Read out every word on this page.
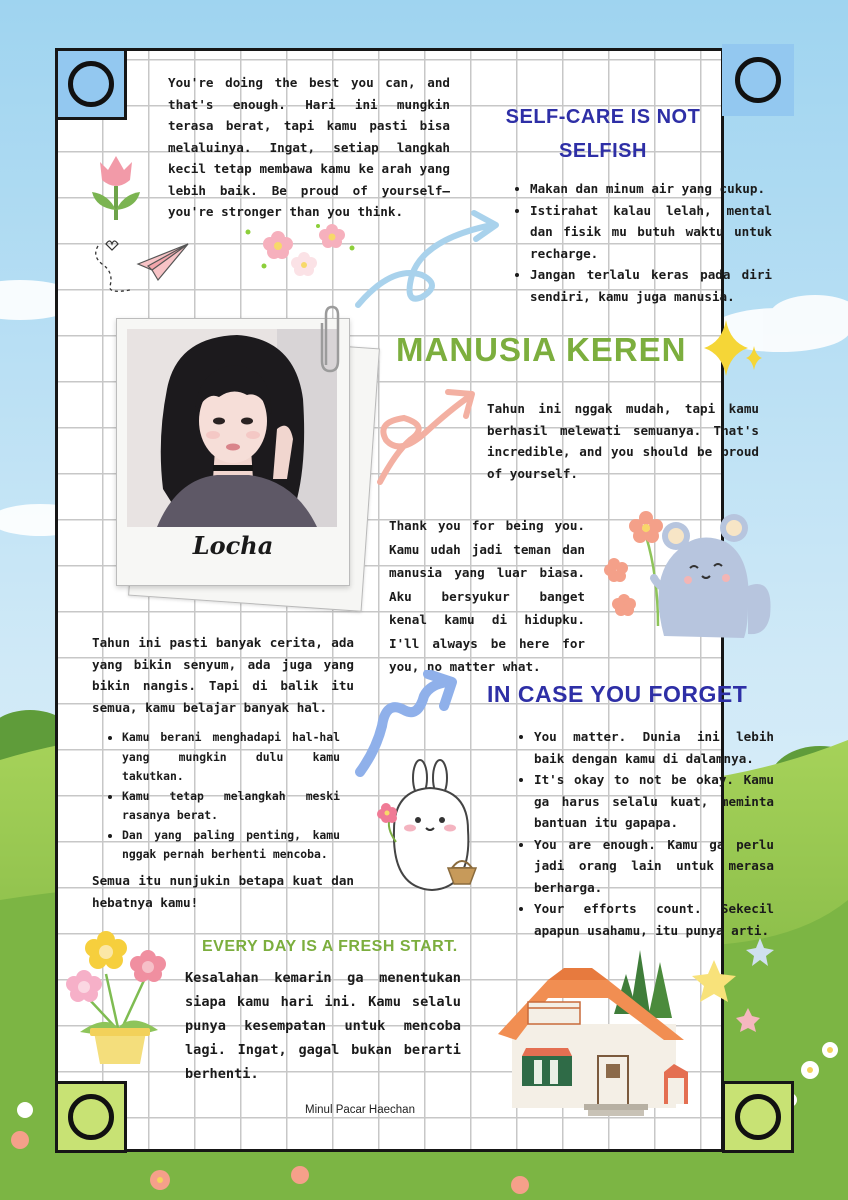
You're doing the best you can, and that's enough. Hari ini mungkin terasa berat, tapi kamu pasti bisa melaluinya. Ingat, setiap langkah kecil tetap membawa kamu ke arah yang lebih baik. Be proud of yourself—you're stronger than you think.

SELF-CARE IS NOT
SELFISH
• Makan dan minum air yang cukup.
• Istirahat kalau lelah, mental dan fisik mu butuh waktu untuk recharge.
• Jangan terlalu keras pada diri sendiri, kamu juga manusia.
MANUSIA KEREN

Tahun ini nggak mudah, tapi kamu berhasil melewati semuanya. That's incredible, and you should be proud of yourself.

Locha

Thank you for being you. Kamu udah jadi teman dan manusia yang luar biasa. Aku bersyukur banget kenal kamu di hidupku. I'll always be here for you, no matter what.

Tahun ini pasti banyak cerita, ada yang bikin senyum, ada juga yang bikin nangis. Tapi di balik itu semua, kamu belajar banyak hal.

• Kamu berani menghadapi hal-hal yang mungkin dulu kamu takutkan.
• Kamu tetap melangkah meski rasanya berat.
• Dan yang paling penting, kamu nggak pernah berhenti mencoba.

Semua itu nunjukin betapa kuat dan hebatnya kamu!

IN CASE YOU FORGET
• You matter. Dunia ini lebih baik dengan kamu di dalamnya.
• It's okay to not be okay. Kamu ga harus selalu kuat, meminta bantuan itu gapapa.
• You are enough. Kamu ga perlu jadi orang lain untuk merasa berharga.
• Your efforts count. Sekecil apapun usahamu, itu punya arti.
EVERY DAY IS A FRESH START.

Kesalahan kemarin ga menentukan siapa kamu hari ini. Kamu selalu punya kesempatan untuk mencoba lagi. Ingat, gagal bukan berarti berhenti.

Minul Pacar Haechan
